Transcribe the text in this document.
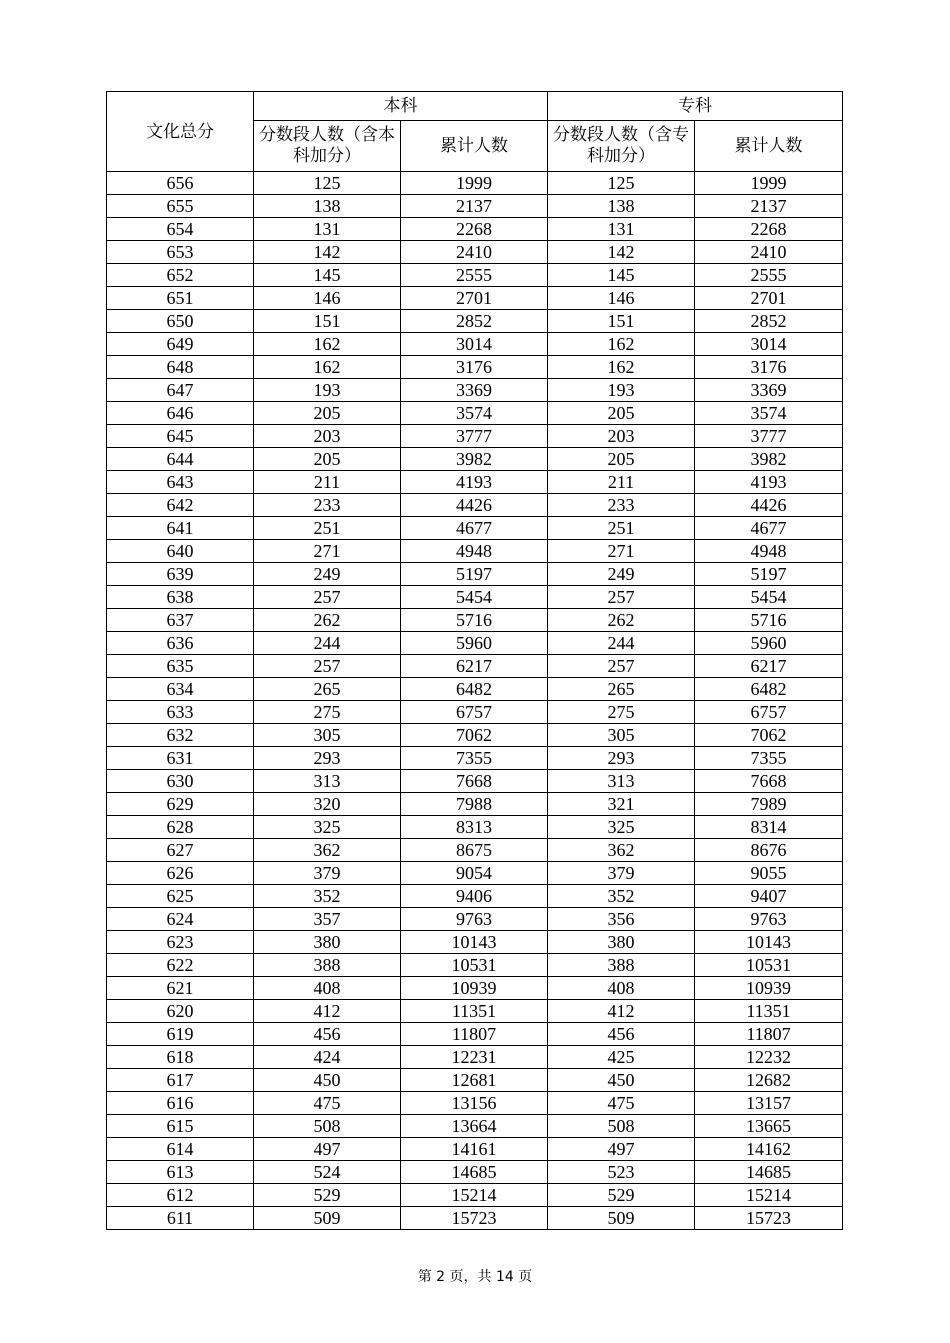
文化总分	本科		专科	
	分数段人数（含本科加分）	累计人数	分数段人数（含专科加分）	累计人数
656	125	1999	125	1999
655	138	2137	138	2137
654	131	2268	131	2268
653	142	2410	142	2410
652	145	2555	145	2555
651	146	2701	146	2701
650	151	2852	151	2852
649	162	3014	162	3014
648	162	3176	162	3176
647	193	3369	193	3369
646	205	3574	205	3574
645	203	3777	203	3777
644	205	3982	205	3982
643	211	4193	211	4193
642	233	4426	233	4426
641	251	4677	251	4677
640	271	4948	271	4948
639	249	5197	249	5197
638	257	5454	257	5454
637	262	5716	262	5716
636	244	5960	244	5960
635	257	6217	257	6217
634	265	6482	265	6482
633	275	6757	275	6757
632	305	7062	305	7062
631	293	7355	293	7355
630	313	7668	313	7668
629	320	7988	321	7989
628	325	8313	325	8314
627	362	8675	362	8676
626	379	9054	379	9055
625	352	9406	352	9407
624	357	9763	356	9763
623	380	10143	380	10143
622	388	10531	388	10531
621	408	10939	408	10939
620	412	11351	412	11351
619	456	11807	456	11807
618	424	12231	425	12232
617	450	12681	450	12682
616	475	13156	475	13157
615	508	13664	508	13665
614	497	14161	497	14162
613	524	14685	523	14685
612	529	15214	529	15214
611	509	15723	509	15723
第 2 页，共 14 页
